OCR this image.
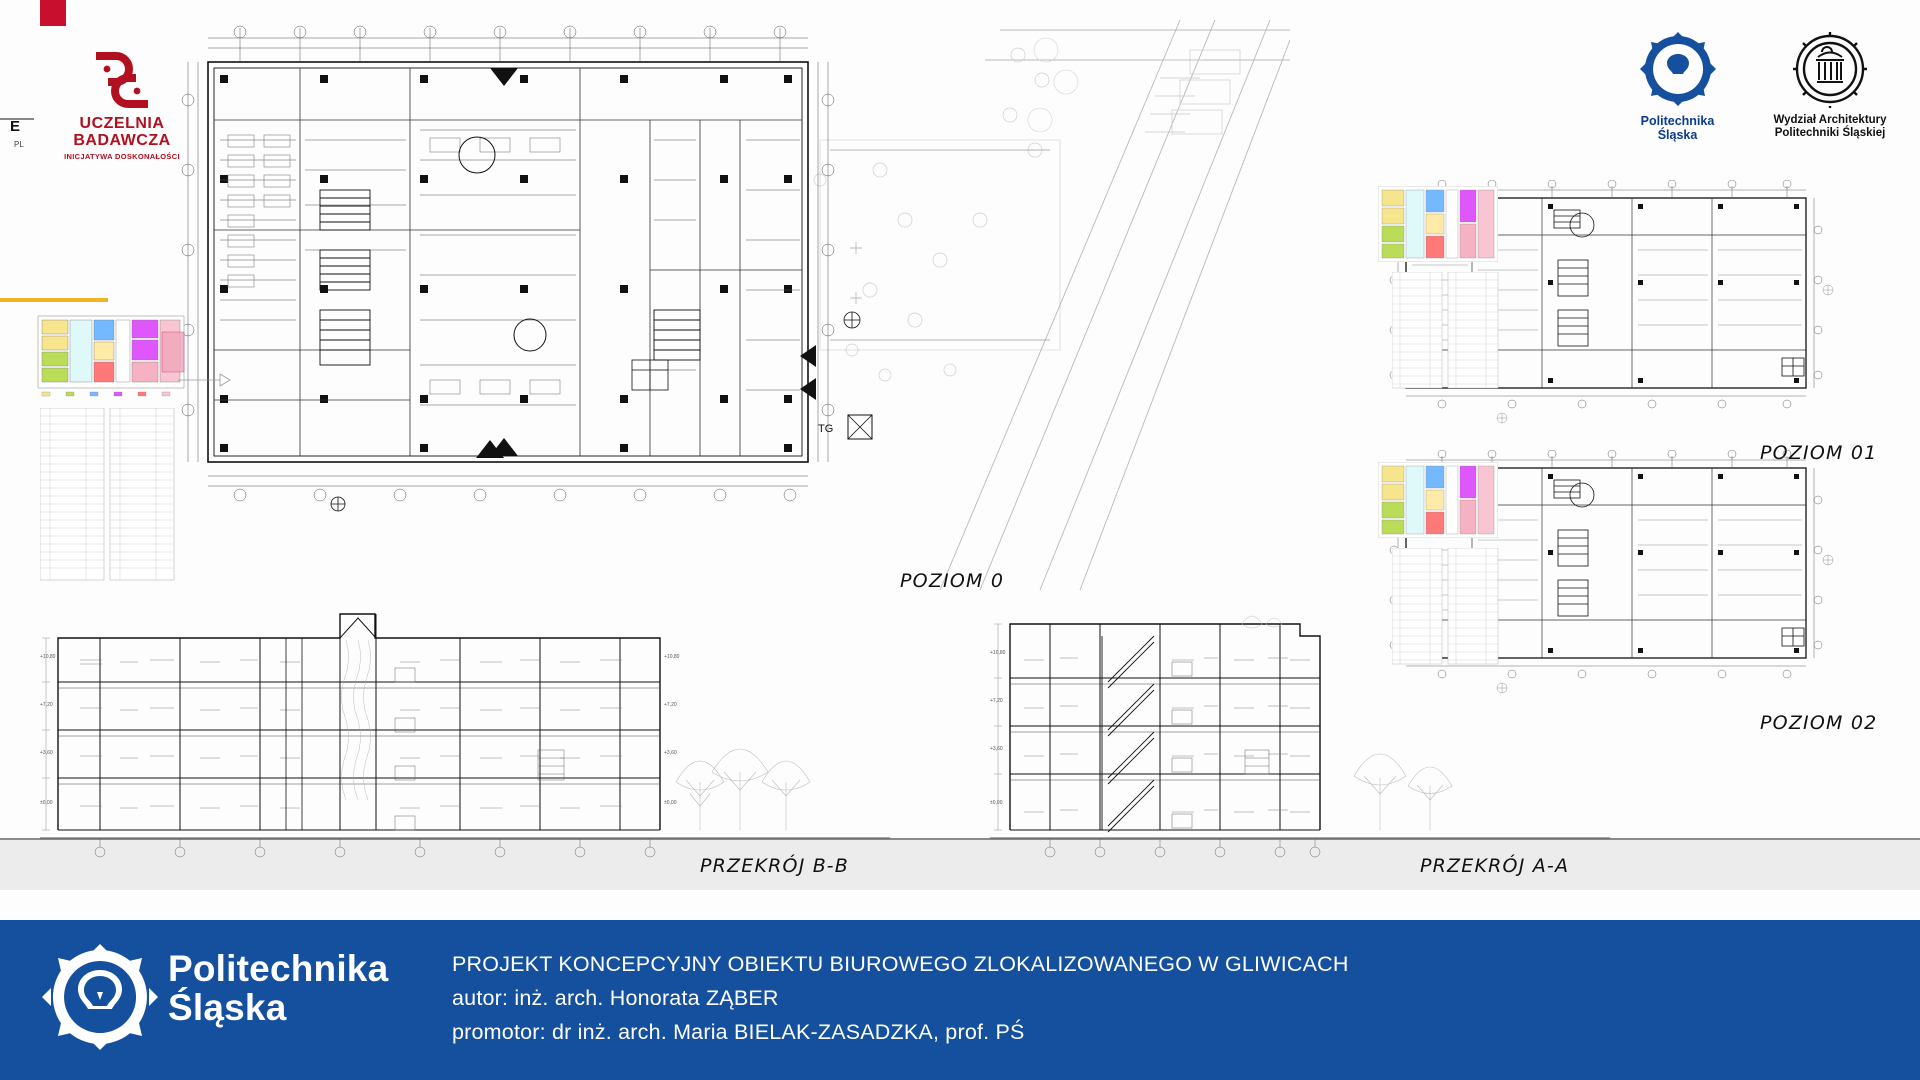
E
PL
UCZELNIA
BADAWCZA
INICJATYWA DOSKONAŁOŚCI
Politechnika
Śląska
Wydział Architektury
Politechniki Śląskiej
TG
POZIOM 0
POZIOM 01
POZIOM 02
+10,80
+7,20
+3,60
±0,00
+10,80
+7,20
+3,60
±0,00
PRZEKRÓJ B-B
+10,80
+7,20
+3,60
±0,00
PRZEKRÓJ A-A
Politechnika
Śląska
PROJEKT KONCEPCYJNY OBIEKTU BIUROWEGO ZLOKALIZOWANEGO W GLIWICACH
autor: inż. arch. Honorata ZĄBER
promotor: dr inż. arch. Maria BIELAK-ZASADZKA, prof. PŚ
